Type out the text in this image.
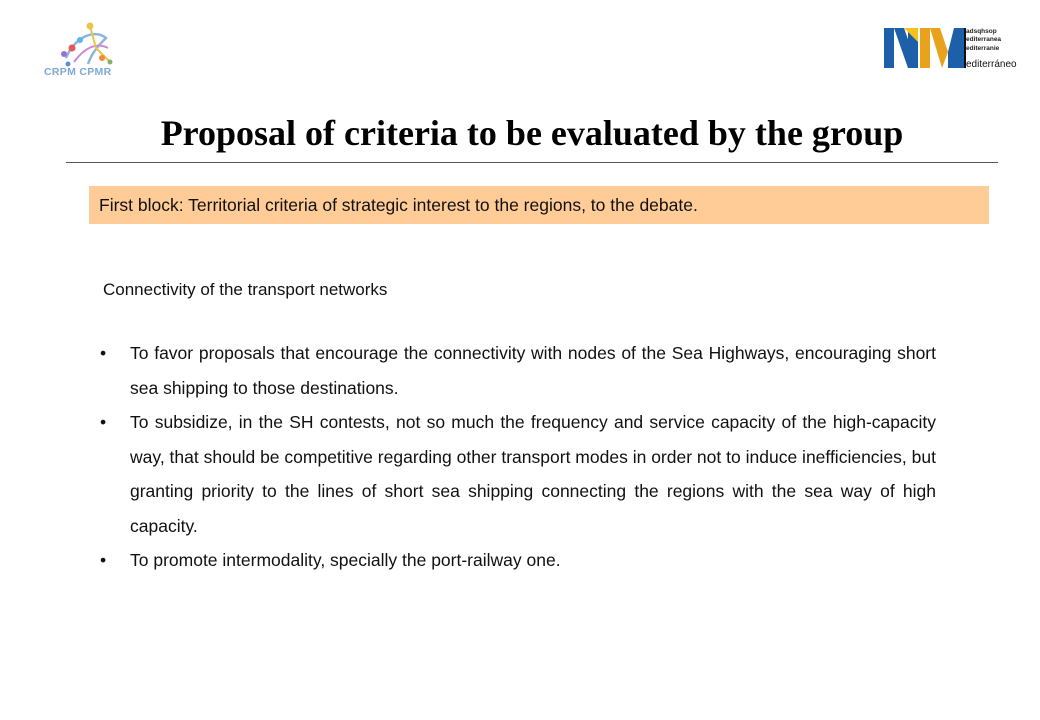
CRPM CPMR
adsqhsop
editerranea
editerranie
editerráneo
Proposal of criteria to be evaluated by the group
First block: Territorial criteria of strategic interest to the regions, to the debate.
Connectivity of the transport networks
• To favor proposals that encourage the connectivity with nodes of the Sea Highways, encouraging short sea shipping to those destinations.
• To subsidize, in the SH contests, not so much the frequency and service capacity of the high-capacity way, that should be competitive regarding other transport modes in order not to induce inefficiencies, but granting priority to the lines of short sea shipping connecting the regions with the sea way of high capacity.
• To promote intermodality, specially the port-railway one.
